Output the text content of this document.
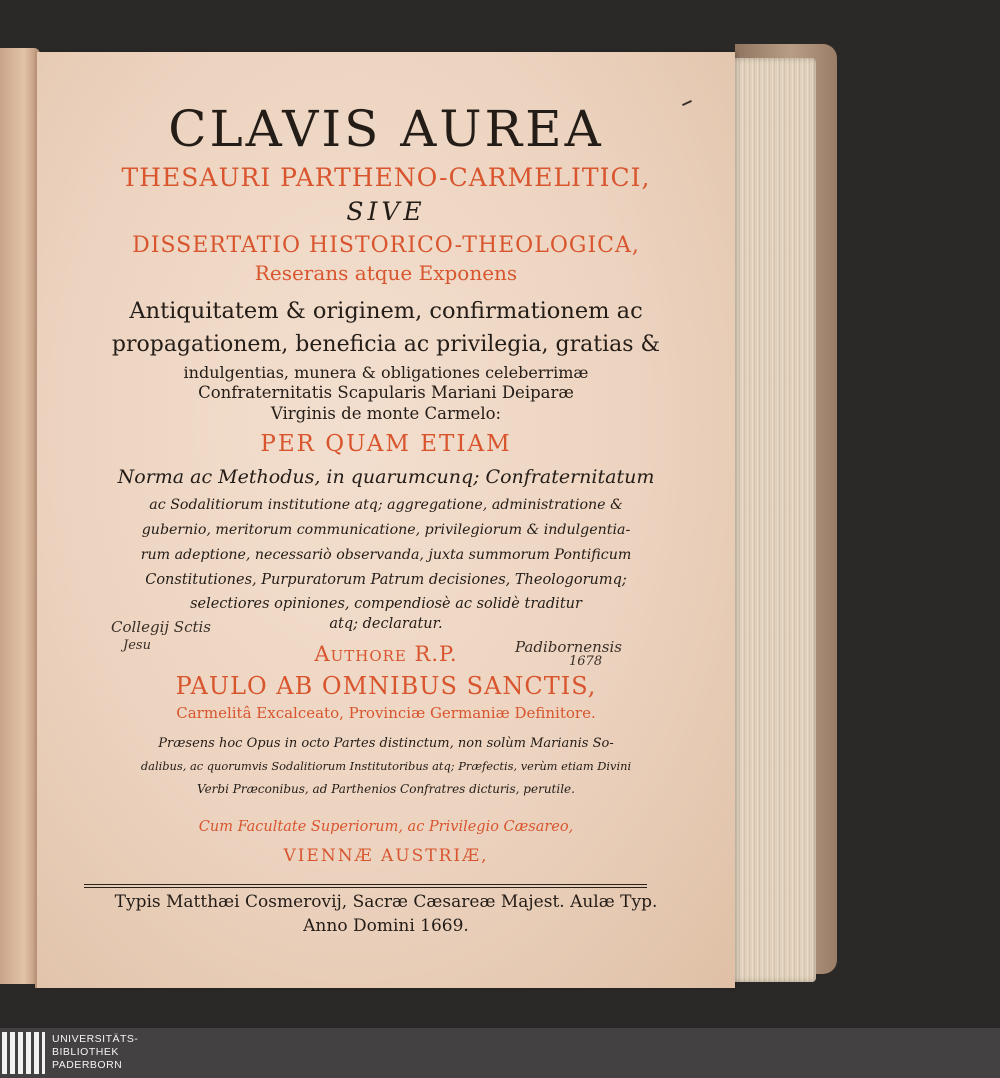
CLAVIS AUREA
THESAURI PARTHENO-CARMELITICI,
SIVE
DISSERTATIO HISTORICO-THEOLOGICA,
Reserans atque Exponens
Antiquitatem & originem, confirmationem ac
propagationem, beneficia ac privilegia, gratias &
indulgentias, munera & obligationes celeberrimæ
Confraternitatis Scapularis Mariani Deiparæ
Virginis de monte Carmelo:
PER QUAM ETIAM
Norma ac Methodus, in quarumcunq; Confraternitatum
ac Sodalitiorum institutione atq; aggregatione, administratione &
gubernio, meritorum communicatione, privilegiorum & indulgentia-
rum adeptione, necessariò observanda, juxta summorum Pontificum
Constitutiones, Purpuratorum Patrum decisiones, Theologorumq;
selectiores opiniones, compendiosè ac solidè traditur
atq; declaratur.
Collegij Sctis
Jesu	Padibornensis
1678
Authore R.P.
PAULO AB OMNIBUS SANCTIS,
Carmelitâ Excalceato, Provinciæ Germaniæ Definitore.
Præsens hoc Opus in octo Partes distinctum, non solùm Marianis So-
dalibus, ac quorumvis Sodalitiorum Institutoribus atq; Præfectis, verùm etiam Divini
Verbi Præconibus, ad Parthenios Confratres dicturis, perutile.
Cum Facultate Superiorum, ac Privilegio Cæsareo,
VIENNÆ AUSTRIÆ,
Typis Matthæi Cosmerovij, Sacræ Cæsareæ Majest. Aulæ Typ.
Anno Domini 1669.
UNIVERSITÄTS-
BIBLIOTHEK
PADERBORN
